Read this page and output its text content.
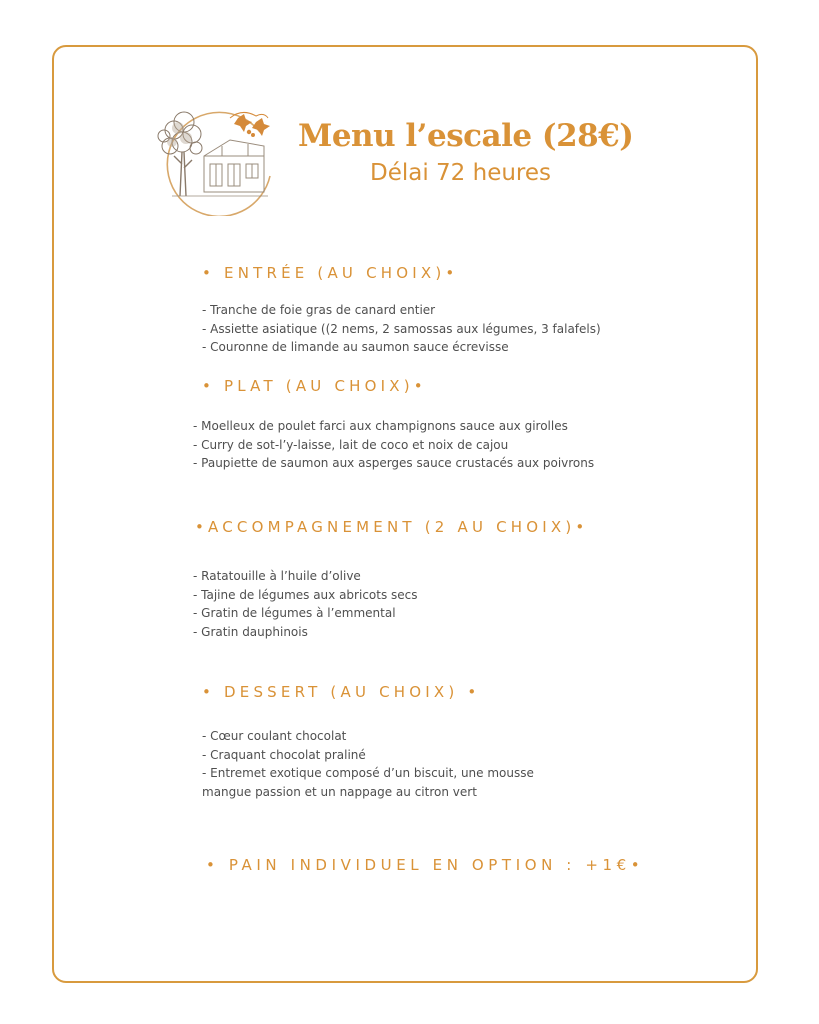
Menu l’escale (28€)
Délai 72 heures
• ENTRÉE (AU CHOIX)•
- Tranche de foie gras de canard entier
- Assiette asiatique ((2 nems, 2 samossas aux légumes, 3 falafels)
- Couronne de limande au saumon sauce écrevisse
• PLAT (AU CHOIX)•
- Moelleux de poulet farci aux champignons sauce aux girolles
- Curry de sot-l’y-laisse, lait de coco et noix de cajou
- Paupiette de saumon aux asperges sauce crustacés aux poivrons
•ACCOMPAGNEMENT (2 AU CHOIX)•
- Ratatouille à l’huile d’olive
- Tajine de légumes aux abricots secs
- Gratin de légumes à l’emmental
- Gratin dauphinois
• DESSERT (AU CHOIX) •
- Cœur coulant chocolat
- Craquant chocolat praliné
- Entremet exotique composé d’un biscuit, une mousse
mangue passion et un nappage au citron vert
• PAIN INDIVIDUEL EN OPTION : +1€•
